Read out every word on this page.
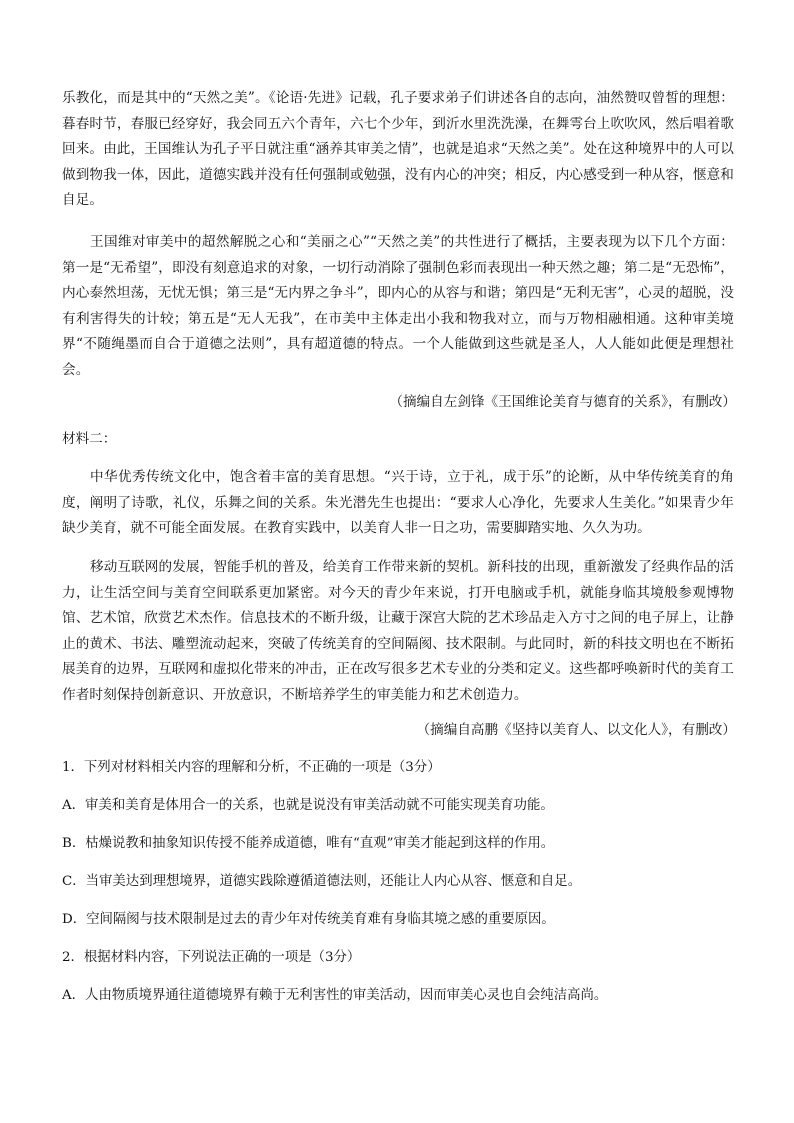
乐教化，而是其中的“天然之美”。《论语·先进》记载，孔子要求弟子们讲述各自的志向，油然赞叹曾皙的理想：暮春时节，春服已经穿好，我会同五六个青年，六七个少年，到沂水里洗洗澡，在舞雩台上吹吹风，然后唱着歌回来。由此，王国维认为孔子平日就注重“涵养其审美之情”，也就是追求“天然之美”。处在这种境界中的人可以做到物我一体，因此，道德实践并没有任何强制或勉强，没有内心的冲突；相反，内心感受到一种从容，惬意和自足。

王国维对审美中的超然解脱之心和“美丽之心”“天然之美”的共性进行了概括，主要表现为以下几个方面：第一是“无希望”，即没有刻意追求的对象，一切行动消除了强制色彩而表现出一种天然之趣；第二是“无恐怖”，内心泰然坦荡，无忧无惧；第三是“无内界之争斗”，即内心的从容与和谐；第四是“无利无害”，心灵的超脱，没有利害得失的计较；第五是“无人无我”，在市美中主体走出小我和物我对立，而与万物相融相通。这种审美境界“不随绳墨而自合于道德之法则”，具有超道德的特点。一个人能做到这些就是圣人，人人能如此便是理想社会。

（摘编自左剑锋《王国维论美育与德育的关系》，有删改）

材料二：

中华优秀传统文化中，饱含着丰富的美育思想。“兴于诗，立于礼，成于乐”的论断，从中华传统美育的角度，阐明了诗歌，礼仪，乐舞之间的关系。朱光潜先生也提出：“要求人心净化，先要求人生美化。”如果青少年缺少美育，就不可能全面发展。在教育实践中，以美育人非一日之功，需要脚踏实地、久久为功。

移动互联网的发展，智能手机的普及，给美育工作带来新的契机。新科技的出现，重新激发了经典作品的活力，让生活空间与美育空间联系更加紧密。对今天的青少年来说，打开电脑或手机，就能身临其境般参观博物馆、艺术馆，欣赏艺术杰作。信息技术的不断升级，让藏于深宫大院的艺术珍品走入方寸之间的电子屏上，让静止的黄术、书法、雕塑流动起来，突破了传统美育的空间隔阂、技术限制。与此同时，新的科技文明也在不断拓展美育的边界，互联网和虚拟化带来的冲击，正在改写很多艺术专业的分类和定义。这些都呼唤新时代的美育工作者时刻保持创新意识、开放意识，不断培养学生的审美能力和艺术创造力。

（摘编自高鹏《坚持以美育人、以文化人》，有删改）

1．下列对材料相关内容的理解和分析，不正确的一项是（3分）

A．审美和美育是体用合一的关系，也就是说没有审美活动就不可能实现美育功能。

B．枯燥说教和抽象知识传授不能养成道德，唯有“直观”审美才能起到这样的作用。

C．当审美达到理想境界，道德实践除遵循道德法则，还能让人内心从容、惬意和自足。

D．空间隔阂与技术限制是过去的青少年对传统美育难有身临其境之感的重要原因。

2．根据材料内容，下列说法正确的一项是（3分）

A．人由物质境界通往道德境界有赖于无利害性的审美活动，因而审美心灵也自会纯洁高尚。
